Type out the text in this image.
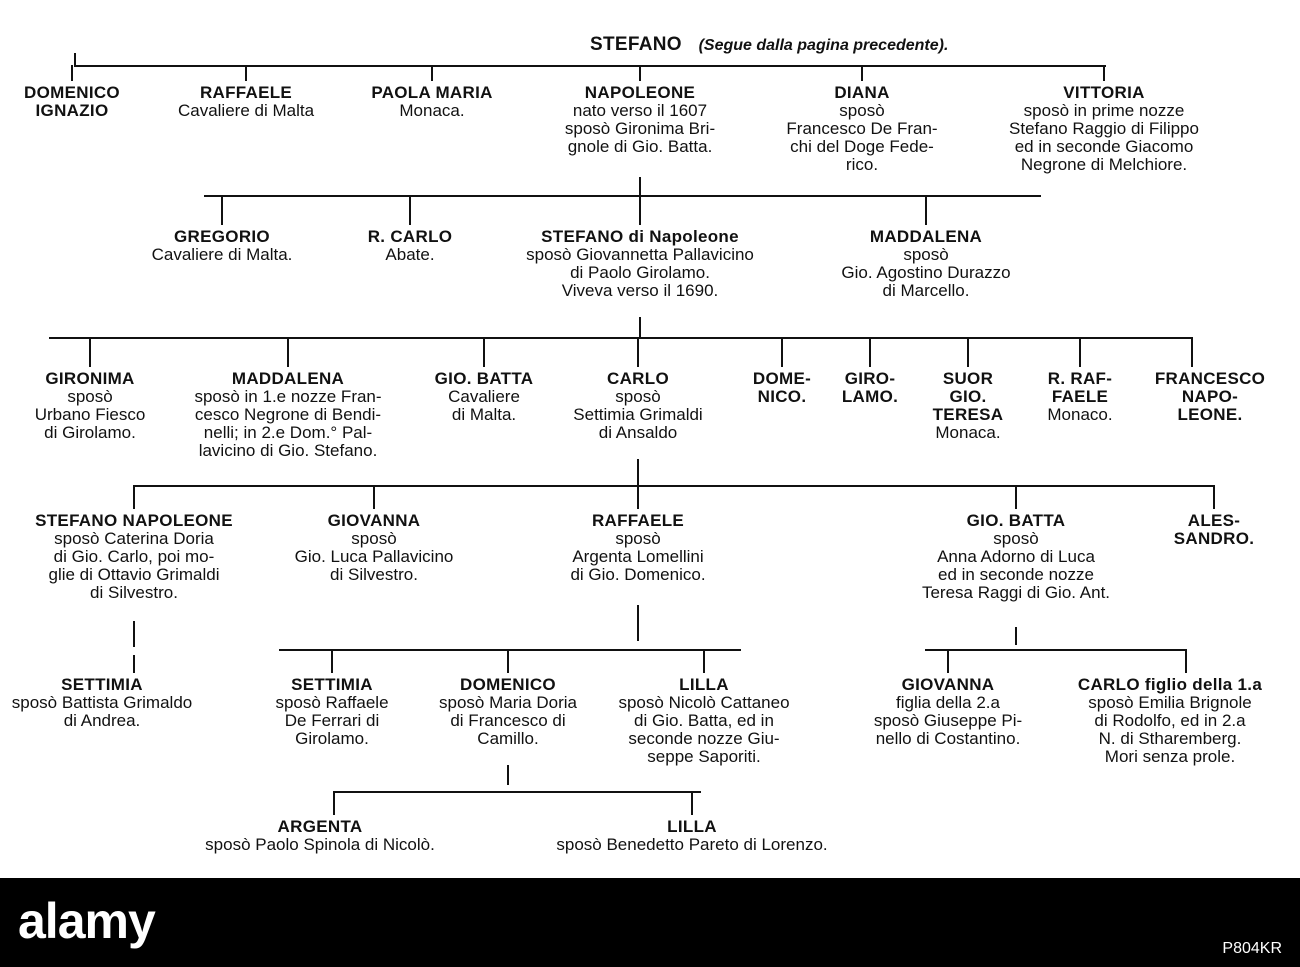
STEFANO (Segue dalla pagina precedente).
DOMENICO
IGNAZIO
RAFFAELE
Cavaliere di Malta
PAOLA MARIA
Monaca.
NAPOLEONE
nato verso il 1607
sposò Gironima Bri-
gnole di Gio. Batta.
DIANA
sposò
Francesco De Fran-
chi del Doge Fede-
rico.
VITTORIA
sposò in prime nozze
Stefano Raggio di Filippo
ed in seconde Giacomo
Negrone di Melchiore.
GREGORIO
Cavaliere di Malta.
R. CARLO
Abate.
STEFANO di Napoleone
sposò Giovannetta Pallavicino
di Paolo Girolamo.
Viveva verso il 1690.
MADDALENA
sposò
Gio. Agostino Durazzo
di Marcello.
GIRONIMA
sposò
Urbano Fiesco
di Girolamo.
MADDALENA
sposò in 1.e nozze Fran-
cesco Negrone di Bendi-
nelli; in 2.e Dom.° Pal-
lavicino di Gio. Stefano.
GIO. BATTA
Cavaliere
di Malta.
CARLO
sposò
Settimia Grimaldi
di Ansaldo
DOME-
NICO.
GIRO-
LAMO.
SUOR
GIO.
TERESA
Monaca.
R. RAF-
FAELE
Monaco.
FRANCESCO
NAPO-
LEONE.
STEFANO NAPOLEONE
sposò Caterina Doria
di Gio. Carlo, poi mo-
glie di Ottavio Grimaldi
di Silvestro.
GIOVANNA
sposò
Gio. Luca Pallavicino
di Silvestro.
RAFFAELE
sposò
Argenta Lomellini
di Gio. Domenico.
GIO. BATTA
sposò
Anna Adorno di Luca
ed in seconde nozze
Teresa Raggi di Gio. Ant.
ALES-
SANDRO.
SETTIMIA
sposò Battista Grimaldo
di Andrea.
SETTIMIA
sposò Raffaele
De Ferrari di
Girolamo.
DOMENICO
sposò Maria Doria
di Francesco di
Camillo.
LILLA
sposò Nicolò Cattaneo
di Gio. Batta, ed in
seconde nozze Giu-
seppe Saporiti.
GIOVANNA
figlia della 2.a
sposò Giuseppe Pi-
nello di Costantino.
CARLO figlio della 1.a
sposò Emilia Brignole
di Rodolfo, ed in 2.a
N. di Stharemberg.
Mori senza prole.
ARGENTA
sposò Paolo Spinola di Nicolò.
LILLA
sposò Benedetto Pareto di Lorenzo.
alamy	P804KR
